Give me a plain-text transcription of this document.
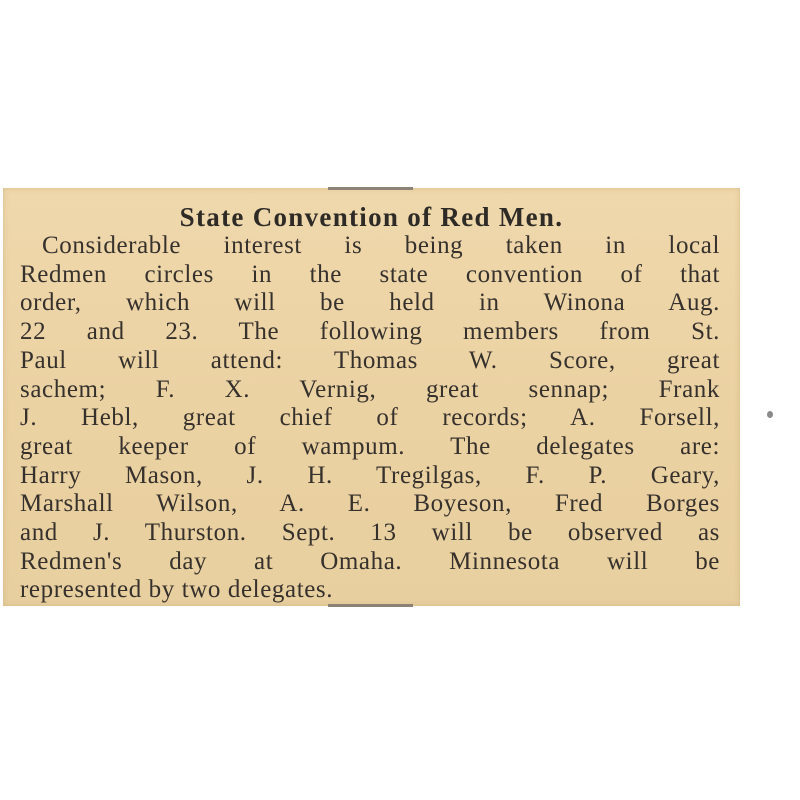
State Convention of Red Men.
Considerable interest is being taken in local
Redmen circles in the state convention of that
order, which will be held in Winona Aug.
22 and 23. The following members from St.
Paul will attend: Thomas W. Score, great
sachem; F. X. Vernig, great sennap; Frank
J. Hebl, great chief of records; A. Forsell,
great keeper of wampum. The delegates are:
Harry Mason, J. H. Tregilgas, F. P. Geary,
Marshall Wilson, A. E. Boyeson, Fred Borges
and J. Thurston. Sept. 13 will be observed as
Redmen's day at Omaha. Minnesota will be
represented by two delegates.
